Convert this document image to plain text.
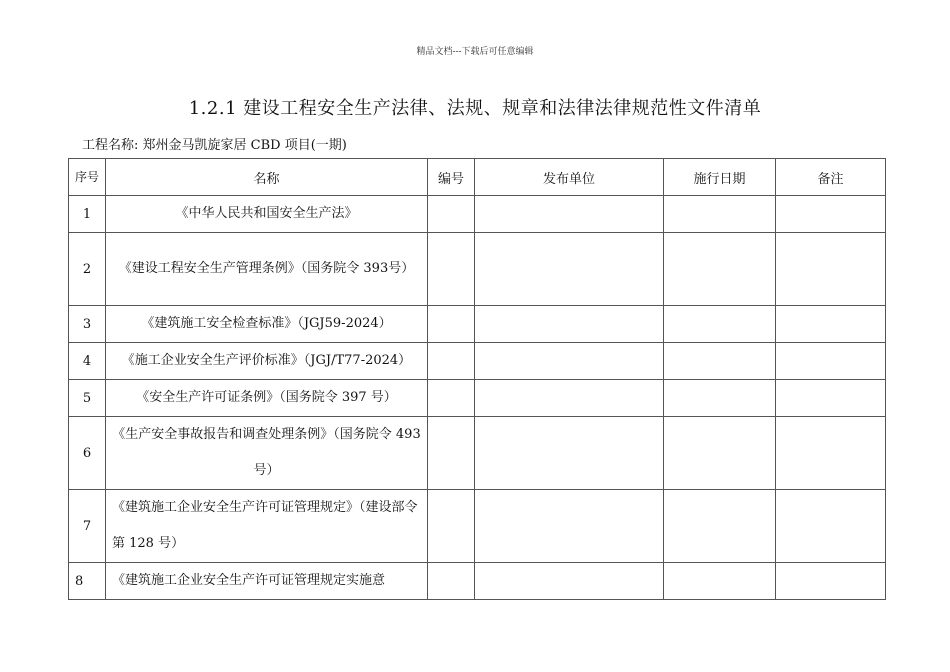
精品文档---下载后可任意编辑
1.2.1 建设工程安全生产法律、法规、规章和法律法律规范性文件清单
工程名称: 郑州金马凯旋家居 CBD 项目(一期)
序号	名称	编号	发布单位	施行日期	备注
1	《中华人民共和国安全生产法》				
2	《建设工程安全生产管理条例》（国务院令 393号）				
3	《建筑施工安全检查标准》（JGJ59-2024）				
4	《施工企业安全生产评价标准》（JGJ/T77-2024）				
5	《安全生产许可证条例》（国务院令 397 号）				
6	《生产安全事故报告和调查处理条例》（国务院令 493 号）				
7	《建筑施工企业安全生产许可证管理规定》（建设部令第 128 号）				
8	《建筑施工企业安全生产许可证管理规定实施意				
